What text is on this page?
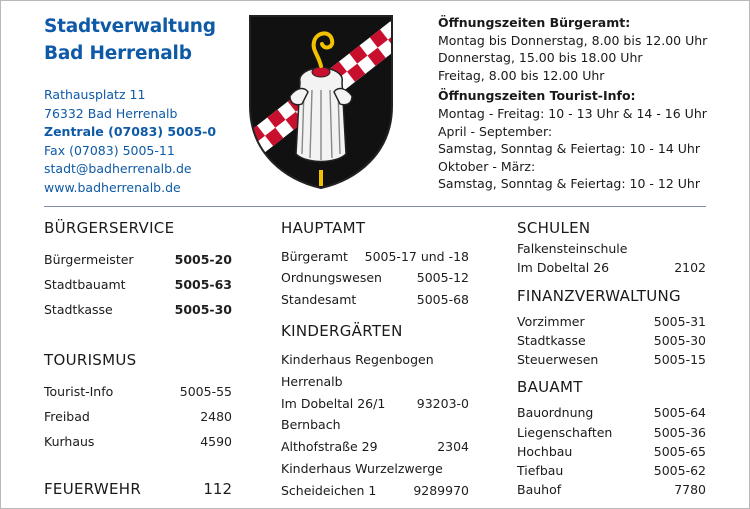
Stadtverwaltung
Bad Herrenalb
Rathausplatz 11
76332 Bad Herrenalb
Zentrale (07083) 5005-0
Fax (07083) 5005-11
stadt@badherrenalb.de
www.badherrenalb.de
Öffnungszeiten Bürgeramt:
Montag bis Donnerstag, 8.00 bis 12.00 Uhr
Donnerstag, 15.00 bis 18.00 Uhr
Freitag, 8.00 bis 12.00 Uhr
Öffnungszeiten Tourist-Info:
Montag - Freitag: 10 - 13 Uhr & 14 - 16 Uhr
April - September:
Samstag, Sonntag & Feiertag: 10 - 14 Uhr
Oktober - März:
Samstag, Sonntag & Feiertag: 10 - 12 Uhr
BÜRGERSERVICE
Bürgermeister	5005-20
Stadtbauamt	5005-63
Stadtkasse	5005-30
TOURISMUS
Tourist-Info	5005-55
Freibad	2480
Kurhaus	4590
FEUERWEHR	112
HAUPTAMT
Bürgeramt 5005-17 und -18
Ordnungswesen	5005-12
Standesamt	5005-68
KINDERGÄRTEN
Kinderhaus Regenbogen
Herrenalb
Im Dobeltal 26/1	93203-0
Bernbach
Althofstraße 29	2304
Kinderhaus Wurzelzwerge
Scheideichen 1	9289970
SCHULEN
Falkensteinschule
Im Dobeltal 26	2102
FINANZVERWALTUNG
Vorzimmer	5005-31
Stadtkasse	5005-30
Steuerwesen	5005-15
BAUAMT
Bauordnung	5005-64
Liegenschaften	5005-36
Hochbau	5005-65
Tiefbau	5005-62
Bauhof	7780
